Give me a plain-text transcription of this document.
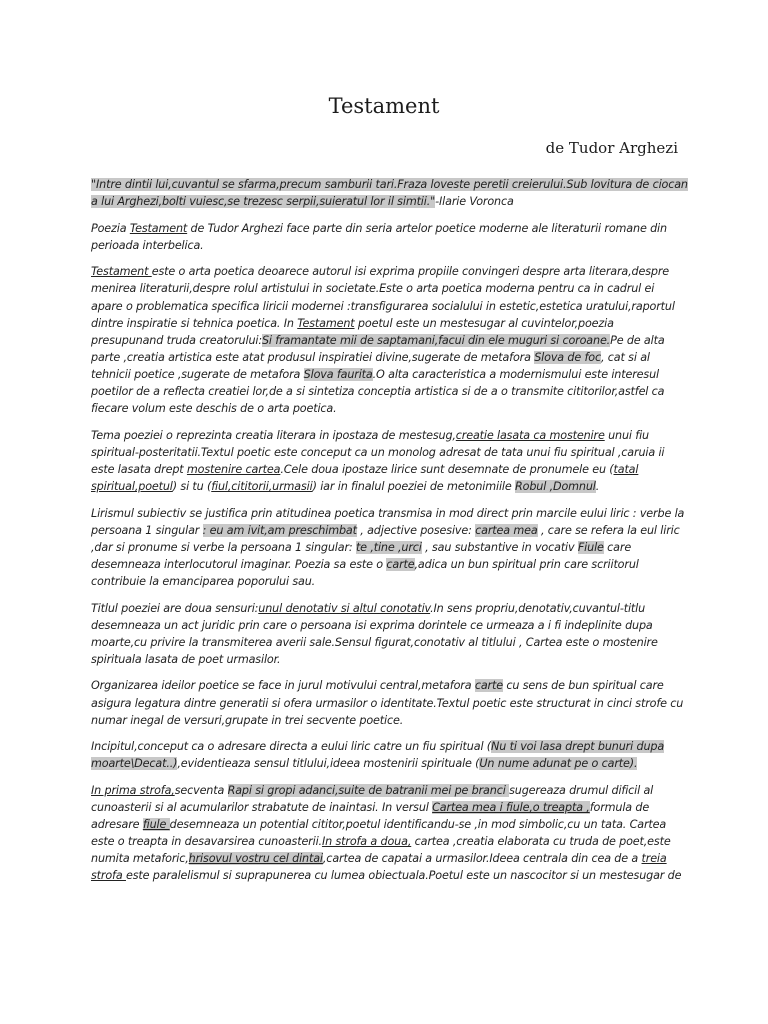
Testament
de Tudor Arghezi

"Intre dintii lui,cuvantul se sfarma,precum samburii tari.Fraza loveste peretii creierului.Sub lovitura de ciocan a lui Arghezi,bolti vuiesc,se trezesc serpii,suieratul lor il simtii."-Ilarie Voronca

Poezia Testament de Tudor Arghezi face parte din seria artelor poetice moderne ale literaturii romane din perioada interbelica.

Testament este o arta poetica deoarece autorul isi exprima propiile convingeri despre arta literara,despre menirea literaturii,despre rolul artistului in societate.Este o arta poetica moderna pentru ca in cadrul ei apare o problematica specifica liricii modernei :transfigurarea socialului in estetic,estetica uratului,raportul dintre inspiratie si tehnica poetica. In Testament poetul este un mestesugar al cuvintelor,poezia presupunand truda creatorului:Si framantate mii de saptamani,facui din ele muguri si coroane.Pe de alta parte ,creatia artistica este atat produsul inspiratiei divine,sugerate de metafora Slova de foc, cat si al tehnicii poetice ,sugerate de metafora Slova faurita.O alta caracteristica a modernismului este interesul poetilor de a reflecta creatiei lor,de a si sintetiza conceptia artistica si de a o transmite cititorilor,astfel ca fiecare volum este deschis de o arta poetica.

Tema poeziei o reprezinta creatia literara in ipostaza de mestesug,creatie lasata ca mostenire unui fiu spiritual-posteritatii.Textul poetic este conceput ca un monolog adresat de tata unui fiu spiritual ,caruia ii este lasata drept mostenire cartea.Cele doua ipostaze lirice sunt desemnate de pronumele eu (tatal spiritual,poetul) si tu (fiul,cititorii,urmasii) iar in finalul poeziei de metonimiile Robul ,Domnul.

Lirismul subiectiv se justifica prin atitudinea poetica transmisa in mod direct prin marcile eului liric : verbe la persoana 1 singular : eu am ivit,am preschimbat , adjective posesive: cartea mea , care se refera la eul liric ,dar si pronume si verbe la persoana 1 singular: te ,tine ,urci , sau substantive in vocativ Fiule care desemneaza interlocutorul imaginar. Poezia sa este o carte,adica un bun spiritual prin care scriitorul contribuie la emanciparea poporului sau.

Titlul poeziei are doua sensuri:unul denotativ si altul conotativ.In sens propriu,denotativ,cuvantul-titlu desemneaza un act juridic prin care o persoana isi exprima dorintele ce urmeaza a i fi indeplinite dupa moarte,cu privire la transmiterea averii sale.Sensul figurat,conotativ al titlului , Cartea este o mostenire spirituala lasata de poet urmasilor.

Organizarea ideilor poetice se face in jurul motivului central,metafora carte cu sens de bun spiritual care asigura legatura dintre generatii si ofera urmasilor o identitate.Textul poetic este structurat in cinci strofe cu numar inegal de versuri,grupate in trei secvente poetice.

Incipitul,conceput ca o adresare directa a eului liric catre un fiu spiritual (Nu ti voi lasa drept bunuri dupa moarte\Decat..),evidentieaza sensul titlului,ideea mostenirii spirituale (Un nume adunat pe o carte).

In prima strofa,secventa Rapi si gropi adanci,suite de batranii mei pe branci sugereaza drumul dificil al cunoasterii si al acumularilor strabatute de inaintasi. In versul Cartea mea i fiule,o treapta ,formula de adresare fiule desemneaza un potential cititor,poetul identificandu-se ,in mod simbolic,cu un tata. Cartea este o treapta in desavarsirea cunoasterii.In strofa a doua, cartea ,creatia elaborata cu truda de poet,este numita metaforic,hrisovul vostru cel dintai,cartea de capatai a urmasilor.Ideea centrala din cea de a treia strofa este paralelismul si suprapunerea cu lumea obiectuala.Poetul este un nascocitor si un mestesugar de
